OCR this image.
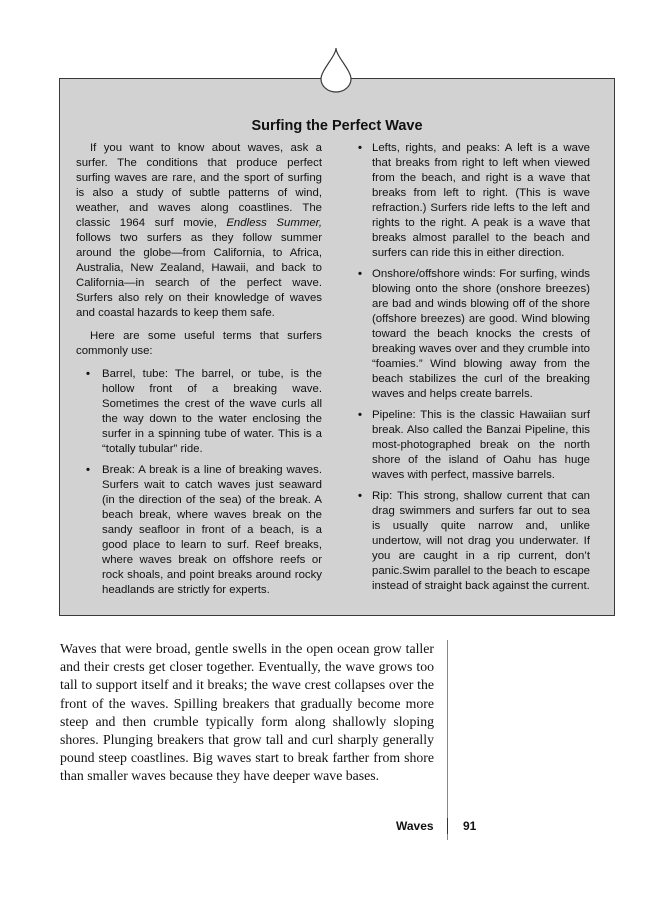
Surfing the Perfect Wave

If you want to know about waves, ask a surfer. The conditions that produce perfect surfing waves are rare, and the sport of surfing is also a study of subtle patterns of wind, weather, and waves along coastlines. The classic 1964 surf movie, Endless Summer, follows two surfers as they follow summer around the globe—from California, to Africa, Australia, New Zealand, Hawaii, and back to California—in search of the perfect wave. Surfers also rely on their knowledge of waves and coastal hazards to keep them safe.

Here are some useful terms that surfers commonly use:

• Barrel, tube: The barrel, or tube, is the hollow front of a breaking wave. Sometimes the crest of the wave curls all the way down to the water enclosing the surfer in a spinning tube of water. This is a “totally tubular” ride.
• Break: A break is a line of breaking waves. Surfers wait to catch waves just seaward (in the direction of the sea) of the break. A beach break, where waves break on the sandy seafloor in front of a beach, is a good place to learn to surf. Reef breaks, where waves break on offshore reefs or rock shoals, and point breaks around rocky headlands are strictly for experts.
• Lefts, rights, and peaks: A left is a wave that breaks from right to left when viewed from the beach, and right is a wave that breaks from left to right. (This is wave refraction.) Surfers ride lefts to the left and rights to the right. A peak is a wave that breaks almost parallel to the beach and surfers can ride this in either direction.
• Onshore/offshore winds: For surfing, winds blowing onto the shore (onshore breezes) are bad and winds blowing off of the shore (offshore breezes) are good. Wind blowing toward the beach knocks the crests of breaking waves over and they crumble into “foamies.” Wind blowing away from the beach stabilizes the curl of the breaking waves and helps create barrels.
• Pipeline: This is the classic Hawaiian surf break. Also called the Banzai Pipeline, this most-photographed break on the north shore of the island of Oahu has huge waves with perfect, massive barrels.
• Rip: This strong, shallow current that can drag swimmers and surfers far out to sea is usually quite narrow and, unlike undertow, will not drag you underwater. If you are caught in a rip current, don’t panic.Swim parallel to the beach to escape instead of straight back against the current.

Waves that were broad, gentle swells in the open ocean grow taller and their crests get closer together. Eventually, the wave grows too tall to support itself and it breaks; the wave crest collapses over the front of the waves. Spilling breakers that gradually become more steep and then crumble typically form along shallowly sloping shores. Plunging breakers that grow tall and curl sharply generally pound steep coastlines. Big waves start to break farther from shore than smaller waves because they have deeper wave bases.

Waves 91
